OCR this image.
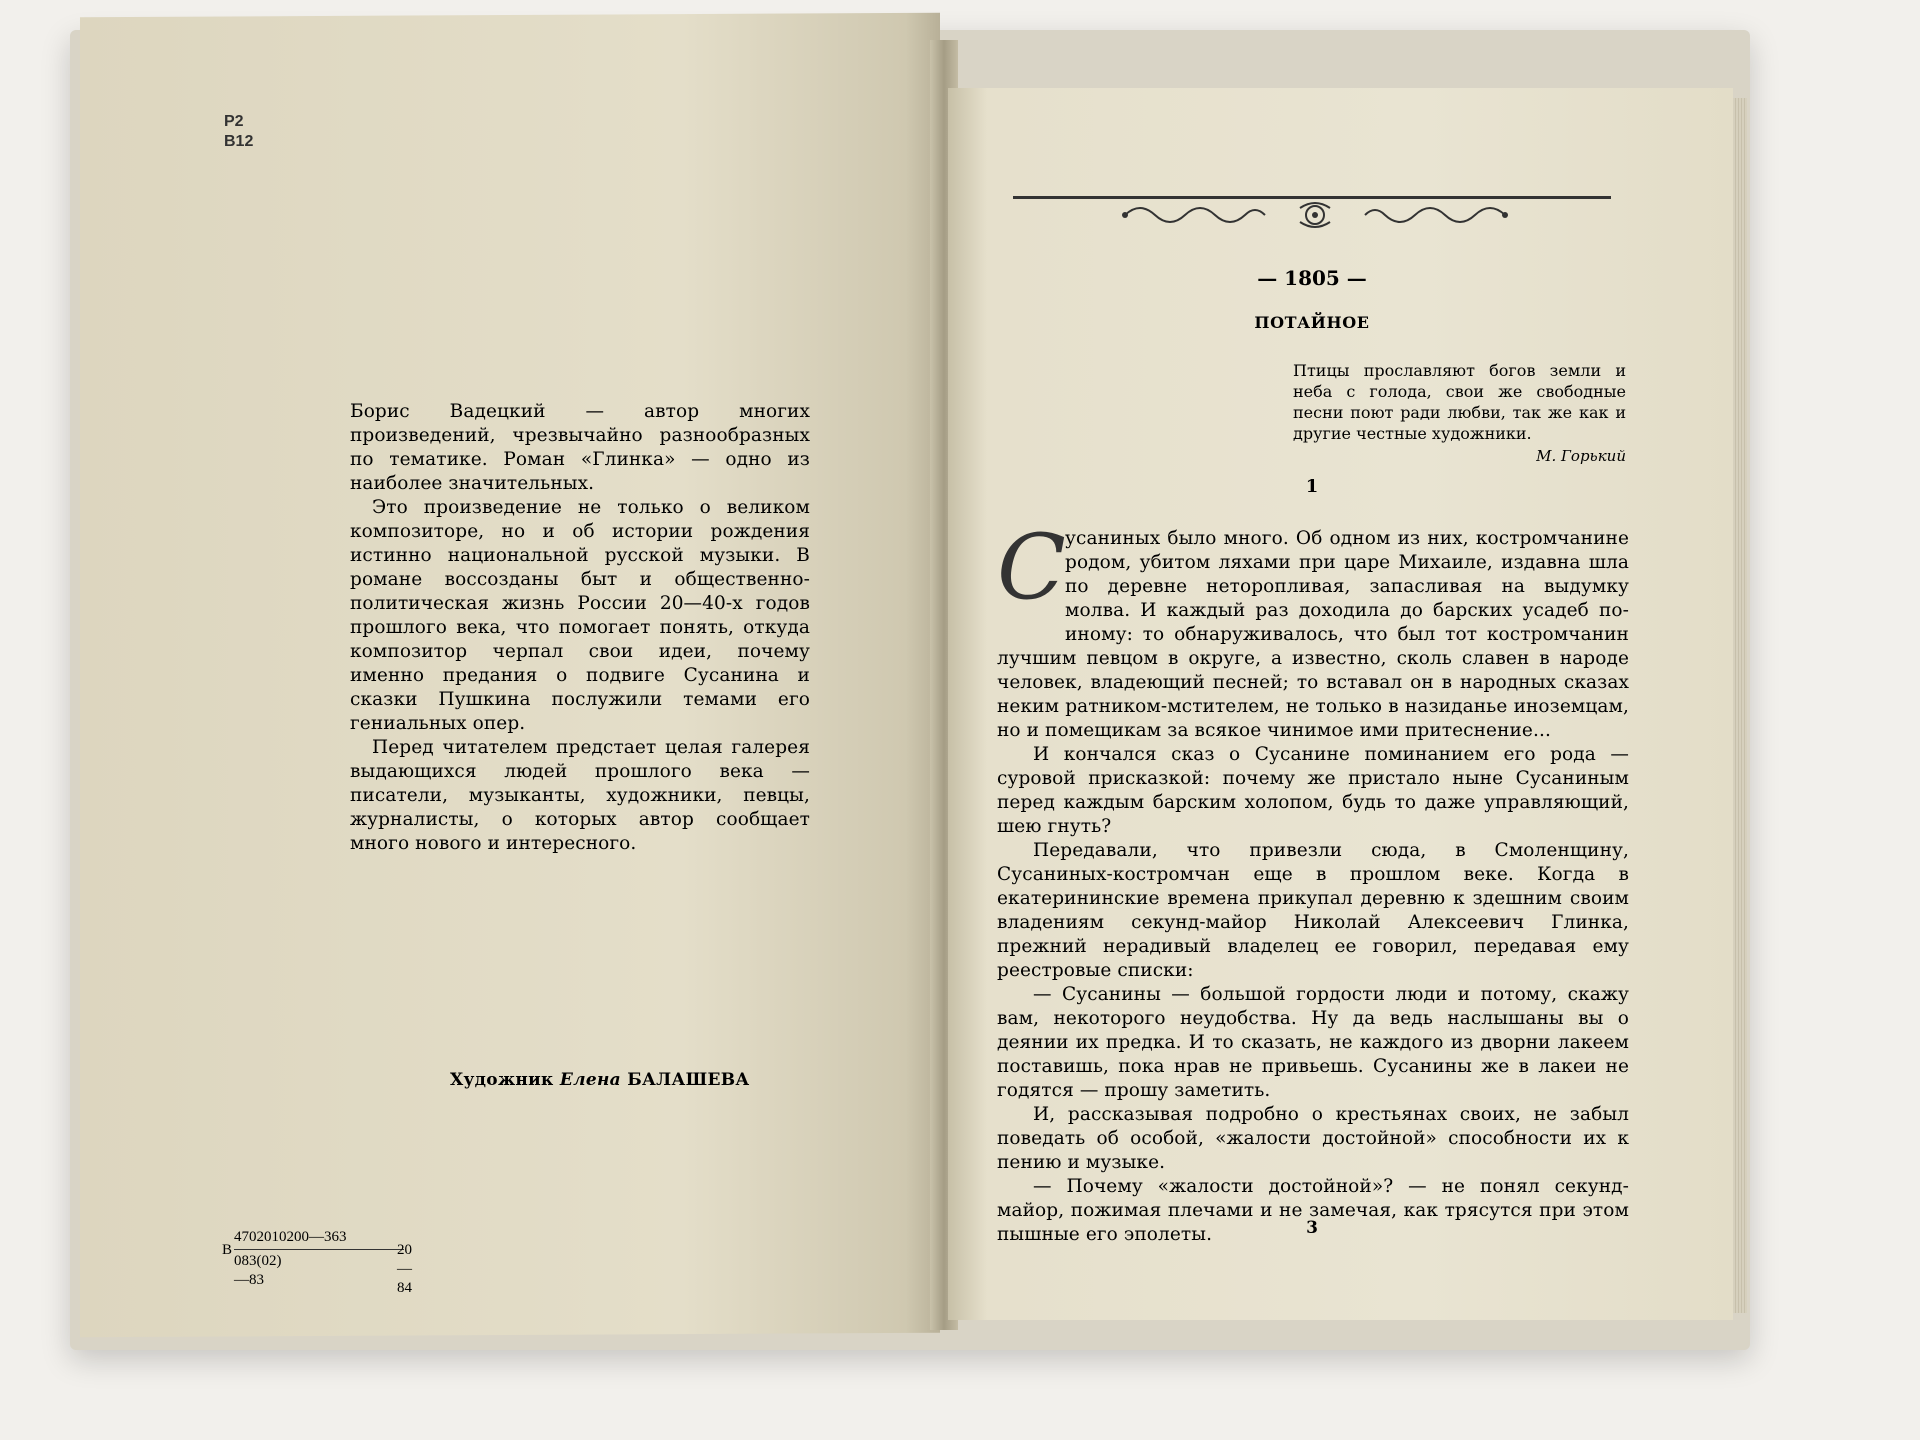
Р2
В12

Борис Вадецкий — автор многих произведений, чрезвычайно разнообразных по тематике. Роман «Глинка» — одно из наиболее значительных.

Это произведение не только о великом композиторе, но и об истории рождения истинно национальной русской музыки. В романе воссозданы быт и общественно-политическая жизнь России 20—40-х годов прошлого века, что помогает понять, откуда композитор черпал свои идеи, почему именно предания о подвиге Сусанина и сказки Пушкина послужили темами его гениальных опер.

Перед читателем предстает целая галерея выдающихся людей прошлого века — писатели, музыканты, художники, певцы, журналисты, о которых автор сообщает много нового и интересного.

Художник Елена БАЛАШЕВА
В
4702010200—363
083(02)—83
20—84
— 1805 —
ПОТАЙНОЕ
Птицы прославляют богов земли и неба с голода, свои же свободные песни поют ради любви, так же как и другие честные художники.
М. Горький
1

Сусаниных было много. Об одном из них, костромчанине родом, убитом ляхами при царе Михаиле, издавна шла по деревне неторопливая, запасливая на выдумку молва. И каждый раз доходила до барских усадеб по-иному: то обнаруживалось, что был тот костромчанин лучшим певцом в округе, а известно, сколь славен в народе человек, владеющий песней; то вставал он в народных сказах неким ратником-мстителем, не только в назиданье иноземцам, но и помещикам за всякое чинимое ими притеснение...

И кончался сказ о Сусанине поминанием его рода — суровой присказкой: почему же пристало ныне Сусаниным перед каждым барским холопом, будь то даже управляющий, шею гнуть?

Передавали, что привезли сюда, в Смоленщину, Сусаниных-костромчан еще в прошлом веке. Когда в екатерининские времена прикупал деревню к здешним своим владениям секунд-майор Николай Алексеевич Глинка, прежний нерадивый владелец ее говорил, передавая ему реестровые списки:

— Сусанины — большой гордости люди и потому, скажу вам, некоторого неудобства. Ну да ведь наслышаны вы о деянии их предка. И то сказать, не каждого из дворни лакеем поставишь, пока нрав не привьешь. Сусанины же в лакеи не годятся — прошу заметить.

И, рассказывая подробно о крестьянах своих, не забыл поведать об особой, «жалости достойной» способности их к пению и музыке.

— Почему «жалости достойной»? — не понял секунд-майор, пожимая плечами и не замечая, как трясутся при этом пышные его эполеты.	3
